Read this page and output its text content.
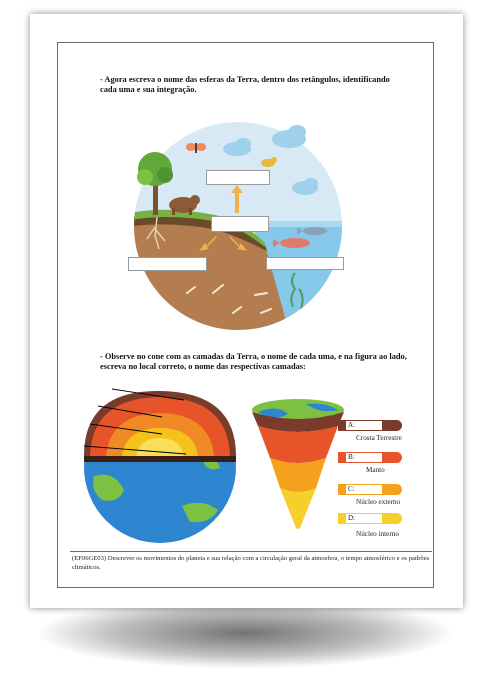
- Agora escreva o nome das esferas da Terra, dentro dos retângulos, identificando cada uma e sua integração.
- Observe no cone com as camadas da Terra, o nome de cada uma, e na figura ao lado, escreva no local correto, o nome das respectivas camadas:
A:
Crosta Terrestre
B:
Manto
C:
Núcleo externo
D:
Núcleo interno

(EF06GE03) Descrever os movimentos do planeta e sua relação com a circulação geral da atmosfera, o tempo atmosférico e os padrões climáticos.
